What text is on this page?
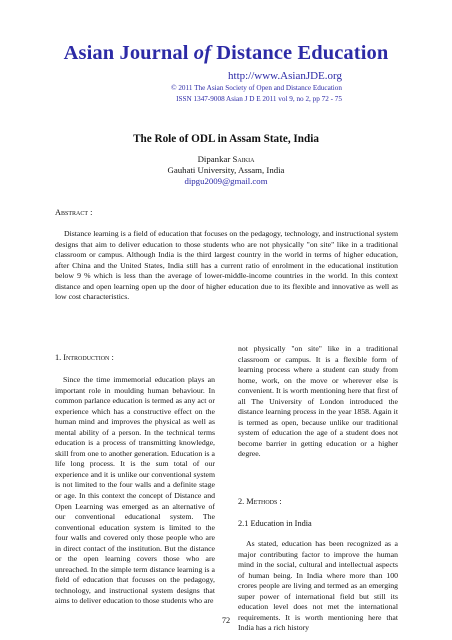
Asian Journal of Distance Education
http://www.AsianJDE.org
© 2011 The Asian Society of Open and Distance Education
ISSN 1347-9008 Asian J D E 2011 vol 9, no 2, pp 72 - 75
The Role of ODL in Assam State, India
Dipankar Saikia
Gauhati University, Assam, India
dipgu2009@gmail.com
Abstract :
Distance learning is a field of education that focuses on the pedagogy, technology, and instructional system designs that aim to deliver education to those students who are not physically "on site" like in a traditional classroom or campus. Although India is the third largest country in the world in terms of higher education, after China and the United States, India still has a current ratio of enrolment in the educational institution below 9 % which is less than the average of lower-middle-income countries in the world. In this context distance and open learning open up the door of higher education due to its flexible and innovative as well as low cost characteristics.
1. Introduction :

Since the time immemorial education plays an important role in moulding human behaviour. In common parlance education is termed as any act or experience which has a constructive effect on the human mind and improves the physical as well as mental ability of a person. In the technical terms education is a process of transmitting knowledge, skill from one to another generation. Education is a life long process. It is the sum total of our experience and it is unlike our conventional system is not limited to the four walls and a definite stage or age. In this context the concept of Distance and Open Learning was emerged as an alternative of our conventional educational system. The conventional education system is limited to the four walls and covered only those people who are in direct contact of the institution. But the distance or the open learning covers those who are unreached. In the simple term distance learning is a field of education that focuses on the pedagogy, technology, and instructional system designs that aims to deliver education to those students who are

not physically "on site" like in a traditional classroom or campus. It is a flexible form of learning process where a student can study from home, work, on the move or wherever else is convenient. It is worth mentioning here that first of all The University of London introduced the distance learning process in the year 1858. Again it is termed as open, because unlike our traditional system of education the age of a student does not become barrier in getting education or a higher degree.

2. Methods :
2.1 Education in India

As stated, education has been recognized as a major contributing factor to improve the human mind in the social, cultural and intellectual aspects of human being. In India where more than 100 crores people are living and termed as an emerging super power of international field but still its education level does not met the international requirements. It is worth mentioning here that India has a rich history

72
